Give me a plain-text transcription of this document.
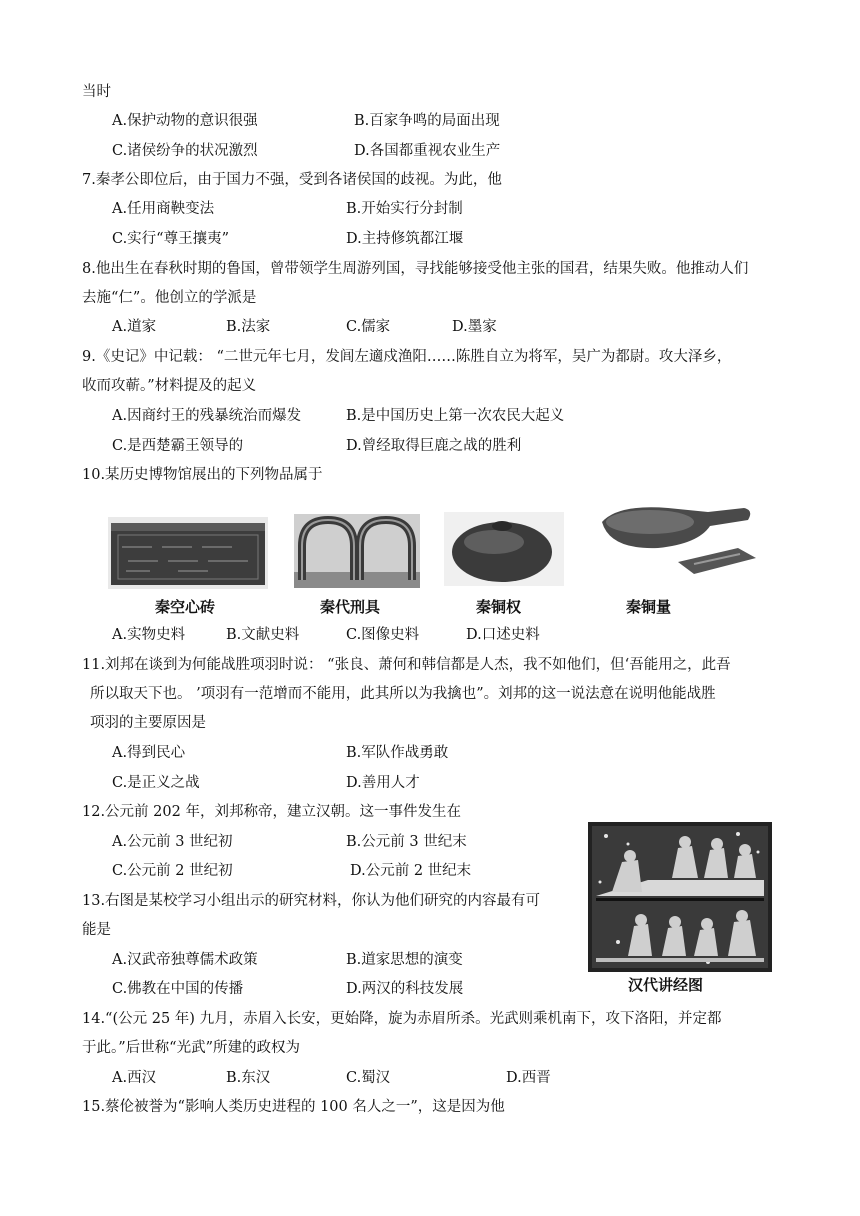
当时
A.保护动物的意识很强	B.百家争鸣的局面出现
C.诸侯纷争的状况激烈	D.各国都重视农业生产
7.秦孝公即位后，由于国力不强，受到各诸侯国的歧视。为此，他
A.任用商鞅变法	B.开始实行分封制
C.实行“尊王攘夷”	D.主持修筑都江堰
8.他出生在春秋时期的鲁国，曾带领学生周游列国，寻找能够接受他主张的国君，结果失败。他推动人们
去施“仁”。他创立的学派是
A.道家	B.法家	C.儒家	D.墨家
9.《史记》中记载： “二世元年七月，发闾左適戍渔阳……陈胜自立为将军，吴广为都尉。攻大泽乡，
收而攻蕲。”材料提及的起义
A.因商纣王的残暴统治而爆发	B.是中国历史上第一次农民大起义
C.是西楚霸王领导的	D.曾经取得巨鹿之战的胜利
10.某历史博物馆展出的下列物品属于
秦空心砖	秦代刑具	秦铜权	秦铜量
A.实物史料	B.文献史料	C.图像史料	D.口述史料
11.刘邦在谈到为何能战胜项羽时说： “张良、萧何和韩信都是人杰，我不如他们，但‘吾能用之，此吾
所以取天下也。 ’项羽有一范增而不能用，此其所以为我擒也”。刘邦的这一说法意在说明他能战胜
项羽的主要原因是
A.得到民心	B.军队作战勇敢
C.是正义之战	D.善用人才
12.公元前 202 年，刘邦称帝，建立汉朝。这一事件发生在
A.公元前 3 世纪初	B.公元前 3 世纪末
C.公元前 2 世纪初	D.公元前 2 世纪末
13.右图是某校学习小组出示的研究材料，你认为他们研究的内容最有可
能是
A.汉武帝独尊儒术政策	B.道家思想的演变
C.佛教在中国的传播	D.两汉的科技发展	汉代讲经图
14.“(公元 25 年) 九月，赤眉入长安，更始降，旋为赤眉所杀。光武则乘机南下，攻下洛阳，并定都
于此。”后世称“光武”所建的政权为
A.西汉	B.东汉	C.蜀汉	D.西晋
15.蔡伦被誉为“影响人类历史进程的 100 名人之一”，这是因为他
